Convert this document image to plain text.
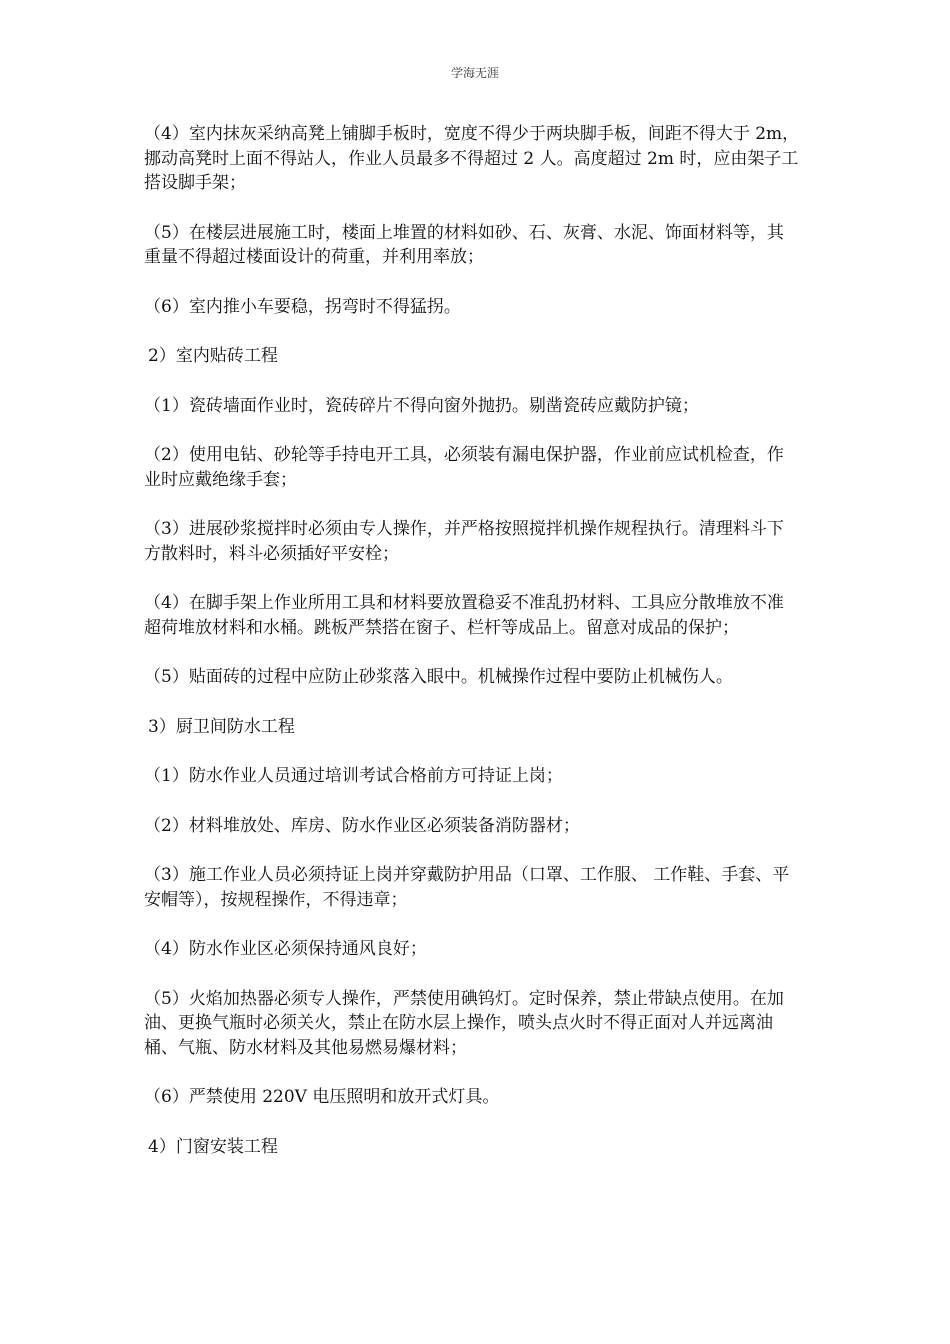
学海无涯

（4）室内抹灰采纳高凳上铺脚手板时，宽度不得少于两块脚手板，间距不得大于 2m，挪动高凳时上面不得站人，作业人员最多不得超过 2 人。高度超过 2m 时，应由架子工搭设脚手架；

（5）在楼层进展施工时，楼面上堆置的材料如砂、石、灰膏、水泥、饰面材料等，其重量不得超过楼面设计的荷重，并利用率放；

（6）室内推小车要稳，拐弯时不得猛拐。

2）室内贴砖工程

（1）瓷砖墙面作业时，瓷砖碎片不得向窗外抛扔。剔凿瓷砖应戴防护镜；

（2）使用电钻、砂轮等手持电开工具，必须装有漏电保护器，作业前应试机检查，作业时应戴绝缘手套；

（3）进展砂浆搅拌时必须由专人操作，并严格按照搅拌机操作规程执行。清理料斗下方散料时，料斗必须插好平安栓；

（4）在脚手架上作业所用工具和材料要放置稳妥不准乱扔材料、工具应分散堆放不准超荷堆放材料和水桶。跳板严禁搭在窗子、栏杆等成品上。留意对成品的保护；

（5）贴面砖的过程中应防止砂浆落入眼中。机械操作过程中要防止机械伤人。

3）厨卫间防水工程

（1）防水作业人员通过培训考试合格前方可持证上岗；

（2）材料堆放处、库房、防水作业区必须装备消防器材；

（3）施工作业人员必须持证上岗并穿戴防护用品（口罩、工作服、 工作鞋、手套、平安帽等），按规程操作，不得违章；

（4）防水作业区必须保持通风良好；

（5）火焰加热器必须专人操作，严禁使用碘钨灯。定时保养，禁止带缺点使用。在加油、更换气瓶时必须关火，禁止在防水层上操作，喷头点火时不得正面对人并远离油桶、气瓶、防水材料及其他易燃易爆材料；

（6）严禁使用 220V 电压照明和放开式灯具。

4）门窗安装工程
